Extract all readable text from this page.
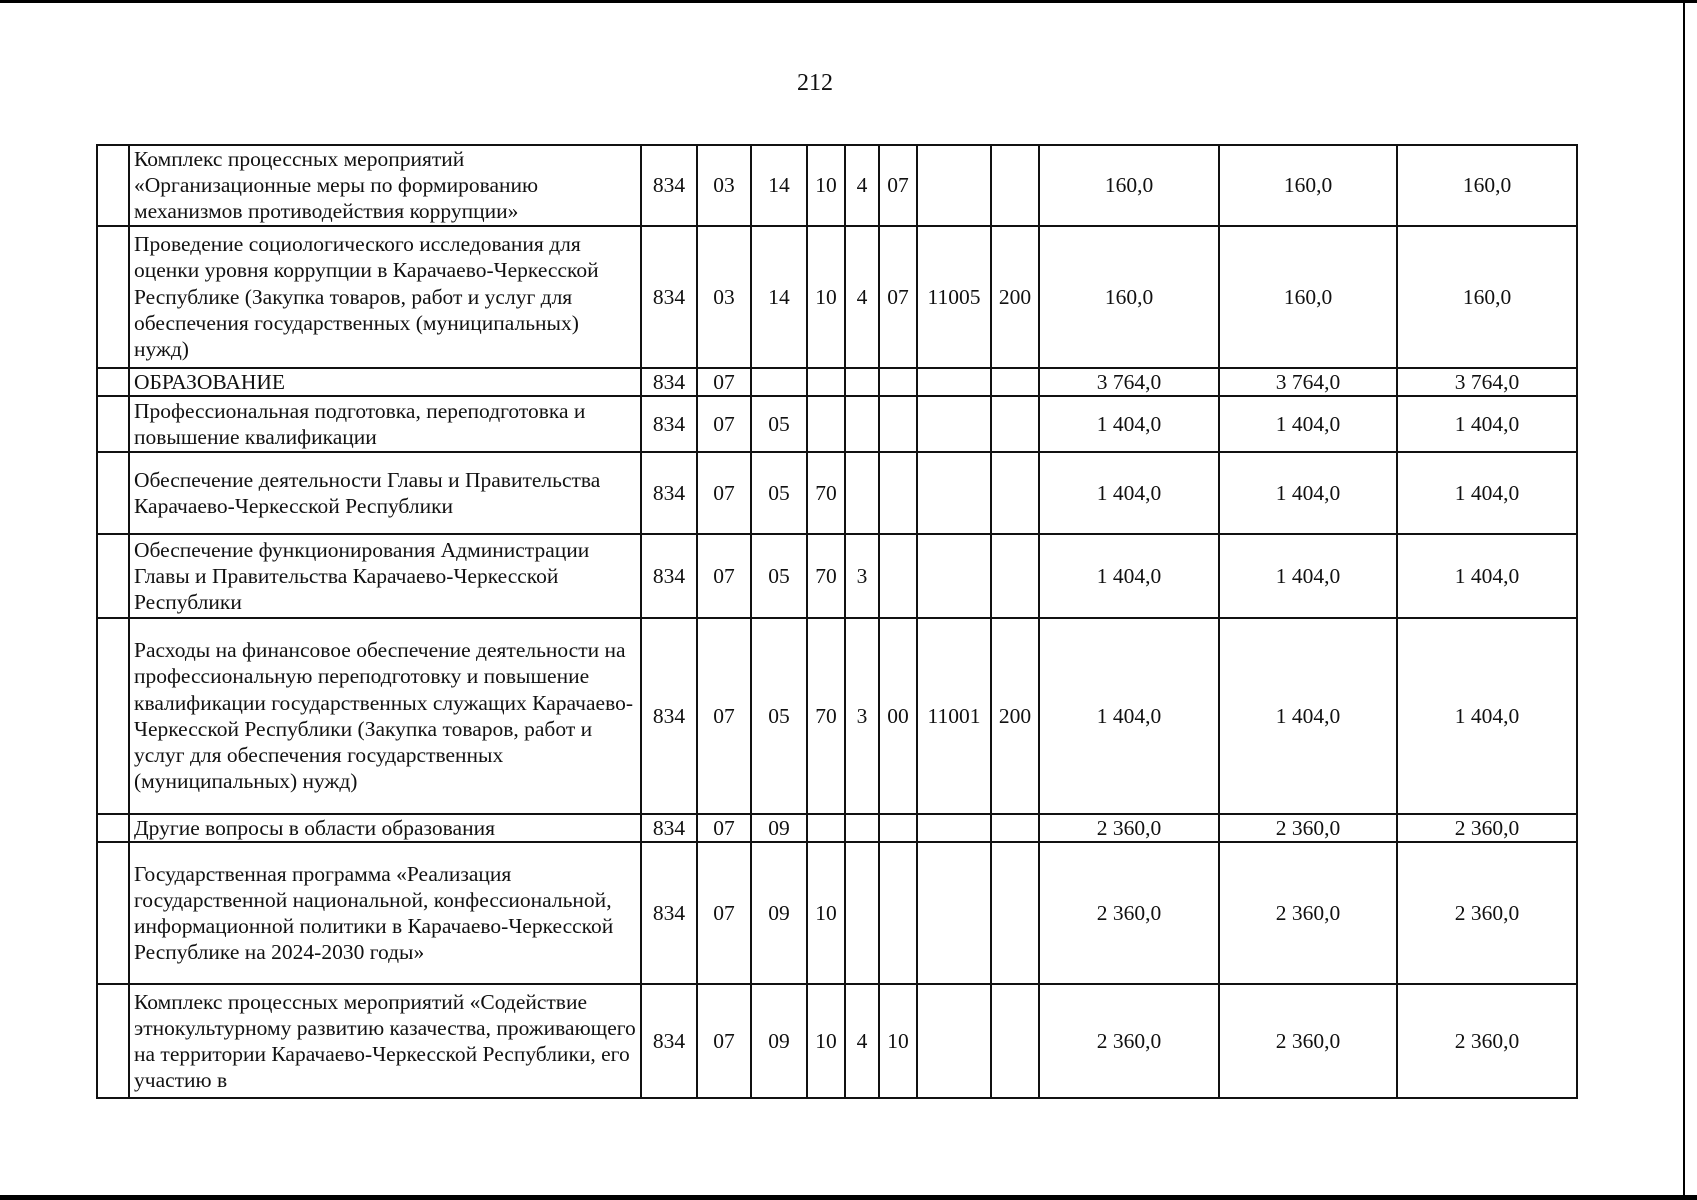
212
	Комплекс процессных мероприятий «Организационные меры по формированию механизмов противодействия коррупции»	834	03	14	10	4	07			160,0	160,0	160,0
	Проведение социологического исследования для оценки уровня коррупции в Карачаево-Черкесской Республике (Закупка товаров, работ и услуг для обеспечения государственных (муниципальных) нужд)	834	03	14	10	4	07	11005	200	160,0	160,0	160,0
	ОБРАЗОВАНИЕ	834	07							3 764,0	3 764,0	3 764,0
	Профессиональная подготовка, переподготовка и повышение квалификации	834	07	05						1 404,0	1 404,0	1 404,0
	Обеспечение деятельности Главы и Правительства Карачаево-Черкесской Республики	834	07	05	70					1 404,0	1 404,0	1 404,0
	Обеспечение функционирования Администрации Главы и Правительства Карачаево-Черкесской Республики	834	07	05	70	3				1 404,0	1 404,0	1 404,0
	Расходы на финансовое обеспечение деятельности на профессиональную переподготовку и повышение квалификации государственных служащих Карачаево-Черкесской Республики (Закупка товаров, работ и услуг для обеспечения государственных (муниципальных) нужд)	834	07	05	70	3	00	11001	200	1 404,0	1 404,0	1 404,0
	Другие вопросы в области образования	834	07	09						2 360,0	2 360,0	2 360,0
	Государственная программа «Реализация государственной национальной, конфессиональной, информационной политики в Карачаево-Черкесской Республике на 2024-2030 годы»	834	07	09	10					2 360,0	2 360,0	2 360,0
	Комплекс процессных мероприятий «Содействие этнокультурному развитию казачества, проживающего на территории Карачаево-Черкесской Республики, его участию в	834	07	09	10	4	10			2 360,0	2 360,0	2 360,0
